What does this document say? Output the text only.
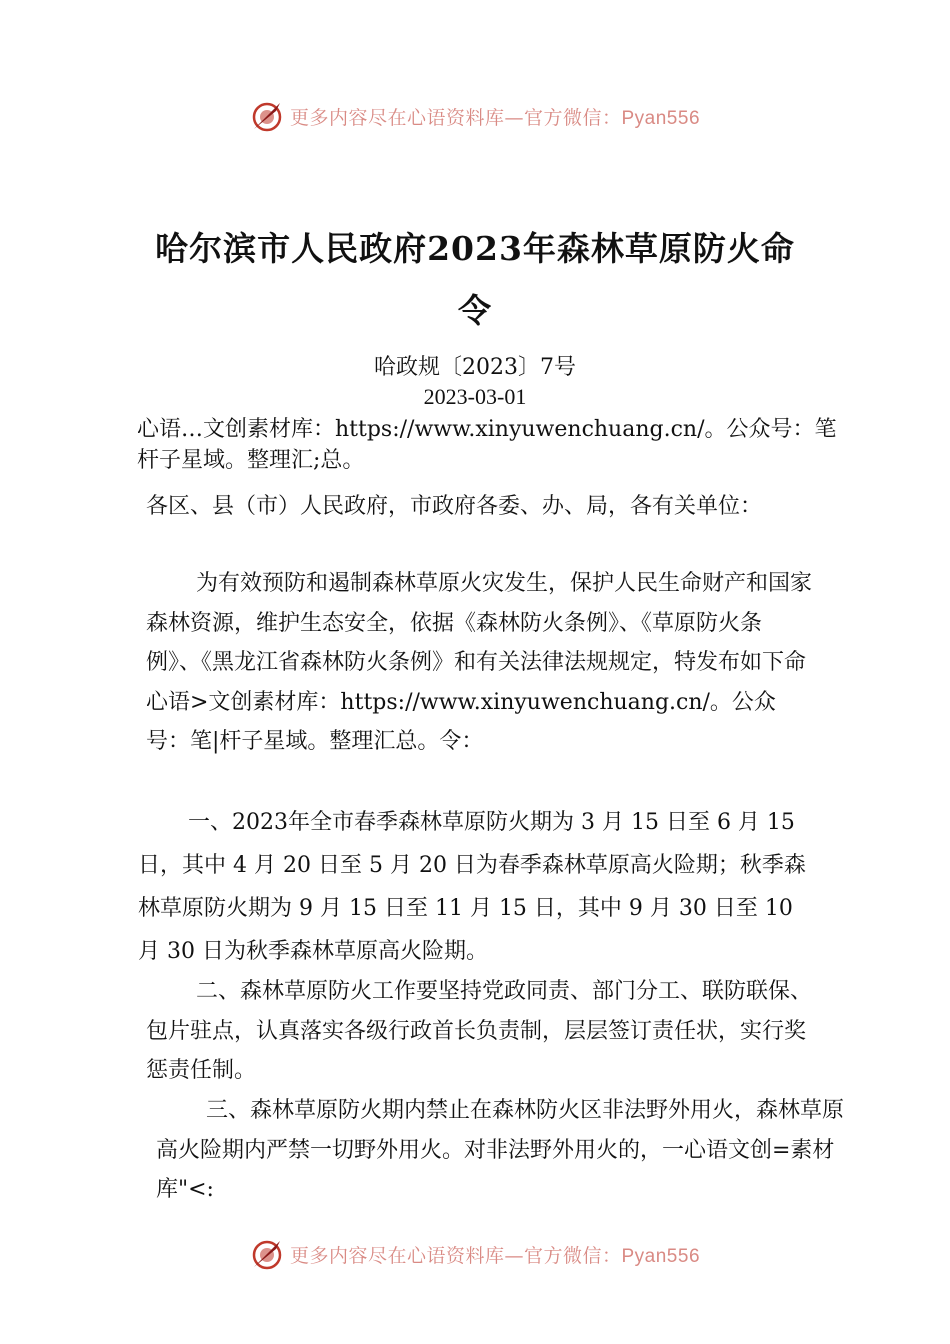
更多内容尽在心语资料库—官方微信：Pyan556
哈尔滨市人民政府2023年森林草原防火命令
哈政规〔2023〕7号
2023-03-01

心语…文创素材库：https://www.xinyuwenchuang.cn/。公众号：笔杆子星域。整理汇;总。

各区、县（市）人民政府，市政府各委、办、局，各有关单位：

为有效预防和遏制森林草原火灾发生，保护人民生命财产和国家森林资源，维护生态安全，依据《森林防火条例》、《草原防火条例》、《黑龙江省森林防火条例》和有关法律法规规定，特发布如下命心语>文创素材库：https://www.xinyuwenchuang.cn/。公众号：笔|杆子星域。整理汇总。令：

一、2023年全市春季森林草原防火期为 3 月 15 日至 6 月 15 日，其中 4 月 20 日至 5 月 20 日为春季森林草原高火险期；秋季森林草原防火期为 9 月 15 日至 11 月 15 日，其中 9 月 30 日至 10 月 30 日为秋季森林草原高火险期。

二、森林草原防火工作要坚持党政同责、部门分工、联防联保、包片驻点，认真落实各级行政首长负责制，层层签订责任状，实行奖惩责任制。

三、森林草原防火期内禁止在森林防火区非法野外用火，森林草原高火险期内严禁一切野外用火。对非法野外用火的，一心语文创=素材库"<:

更多内容尽在心语资料库—官方微信：Pyan556
